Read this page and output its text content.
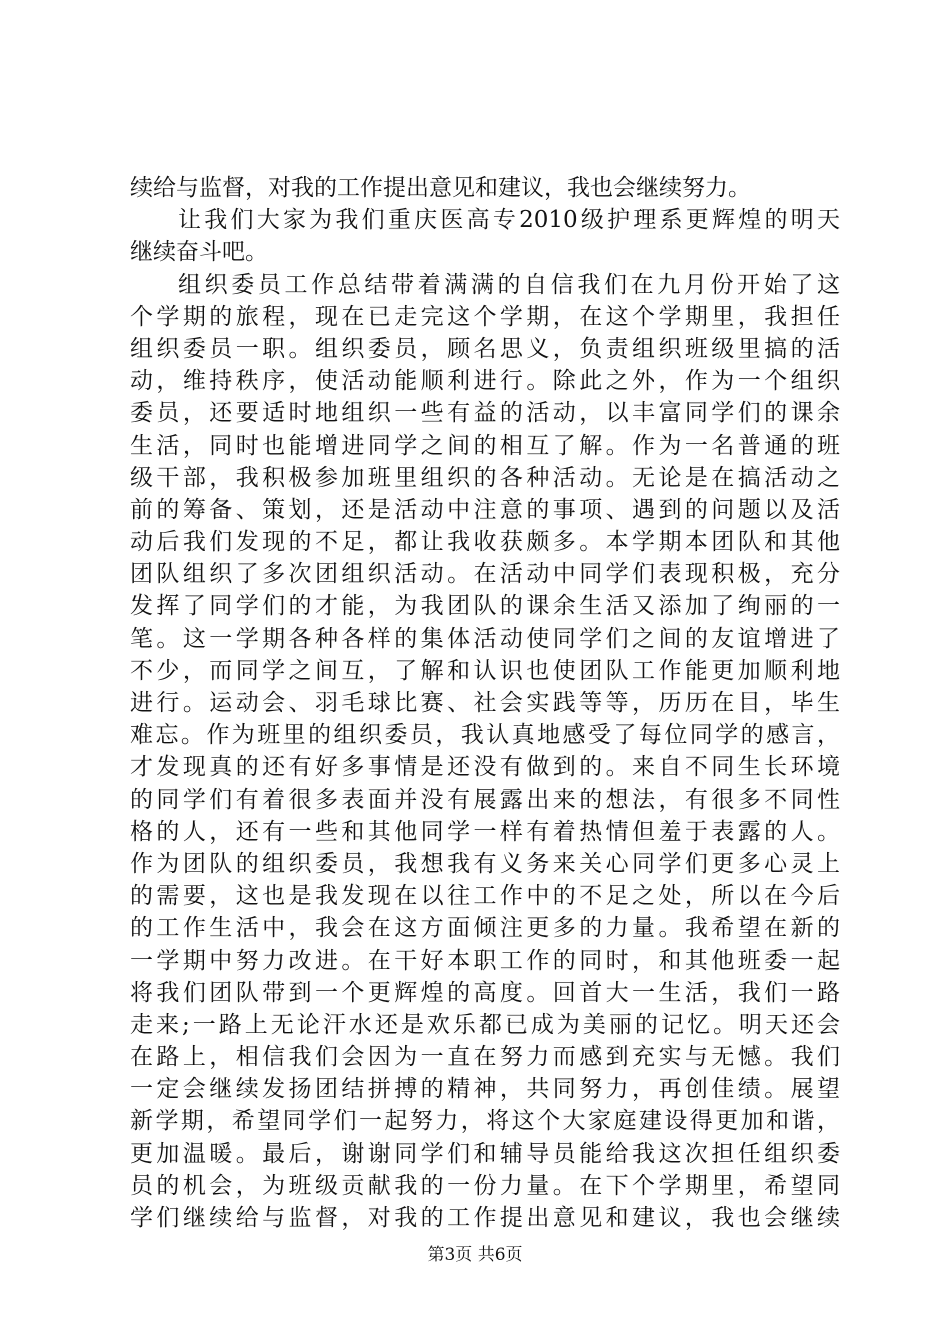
续给与监督，对我的工作提出意见和建议，我也会继续努力。
让我们大家为我们重庆医高专2010级护理系更辉煌的明天
继续奋斗吧。
组织委员工作总结带着满满的自信我们在九月份开始了这
个学期的旅程，现在已走完这个学期，在这个学期里，我担任
组织委员一职。组织委员，顾名思义，负责组织班级里搞的活
动，维持秩序，使活动能顺利进行。除此之外，作为一个组织
委员，还要适时地组织一些有益的活动，以丰富同学们的课余
生活，同时也能增进同学之间的相互了解。作为一名普通的班
级干部，我积极参加班里组织的各种活动。无论是在搞活动之
前的筹备、策划，还是活动中注意的事项、遇到的问题以及活
动后我们发现的不足，都让我收获颇多。本学期本团队和其他
团队组织了多次团组织活动。在活动中同学们表现积极，充分
发挥了同学们的才能，为我团队的课余生活又添加了绚丽的一
笔。这一学期各种各样的集体活动使同学们之间的友谊增进了
不少，而同学之间互，了解和认识也使团队工作能更加顺利地
进行。运动会、羽毛球比赛、社会实践等等，历历在目，毕生
难忘。作为班里的组织委员，我认真地感受了每位同学的感言，
才发现真的还有好多事情是还没有做到的。来自不同生长环境
的同学们有着很多表面并没有展露出来的想法，有很多不同性
格的人，还有一些和其他同学一样有着热情但羞于表露的人。
作为团队的组织委员，我想我有义务来关心同学们更多心灵上
的需要，这也是我发现在以往工作中的不足之处，所以在今后
的工作生活中，我会在这方面倾注更多的力量。我希望在新的
一学期中努力改进。在干好本职工作的同时，和其他班委一起
将我们团队带到一个更辉煌的高度。回首大一生活，我们一路
走来;一路上无论汗水还是欢乐都已成为美丽的记忆。明天还会
在路上，相信我们会因为一直在努力而感到充实与无憾。我们
一定会继续发扬团结拼搏的精神，共同努力，再创佳绩。展望
新学期，希望同学们一起努力，将这个大家庭建设得更加和谐，
更加温暖。最后，谢谢同学们和辅导员能给我这次担任组织委
员的机会，为班级贡献我的一份力量。在下个学期里，希望同
学们继续给与监督，对我的工作提出意见和建议，我也会继续
第3页 共6页
